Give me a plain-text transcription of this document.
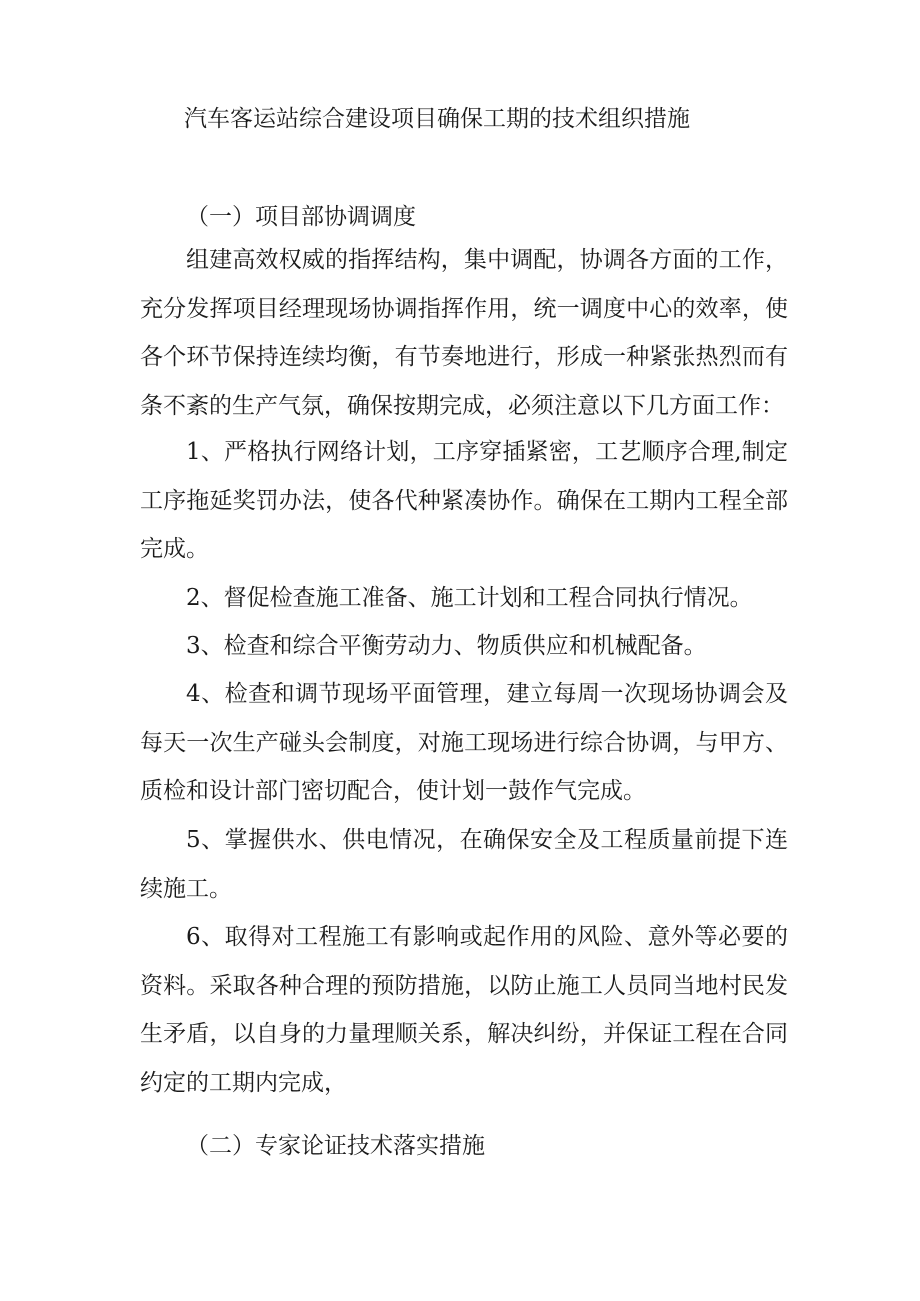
汽车客运站综合建设项目确保工期的技术组织措施
（一）项目部协调调度

组建高效权威的指挥结构，集中调配，协调各方面的工作，充分发挥项目经理现场协调指挥作用，统一调度中心的效率，使各个环节保持连续均衡，有节奏地进行，形成一种紧张热烈而有条不紊的生产气氛，确保按期完成，必须注意以下几方面工作：

1、严格执行网络计划，工序穿插紧密，工艺顺序合理,制定工序拖延奖罚办法，使各代种紧凑协作。确保在工期内工程全部完成。

2、督促检查施工准备、施工计划和工程合同执行情况。

3、检查和综合平衡劳动力、物质供应和机械配备。

4、检查和调节现场平面管理，建立每周一次现场协调会及每天一次生产碰头会制度，对施工现场进行综合协调，与甲方、质检和设计部门密切配合，使计划一鼓作气完成。

5、掌握供水、供电情况，在确保安全及工程质量前提下连续施工。

6、取得对工程施工有影响或起作用的风险、意外等必要的资料。采取各种合理的预防措施，以防止施工人员同当地村民发生矛盾，以自身的力量理顺关系，解决纠纷，并保证工程在合同约定的工期内完成，

（二）专家论证技术落实措施
